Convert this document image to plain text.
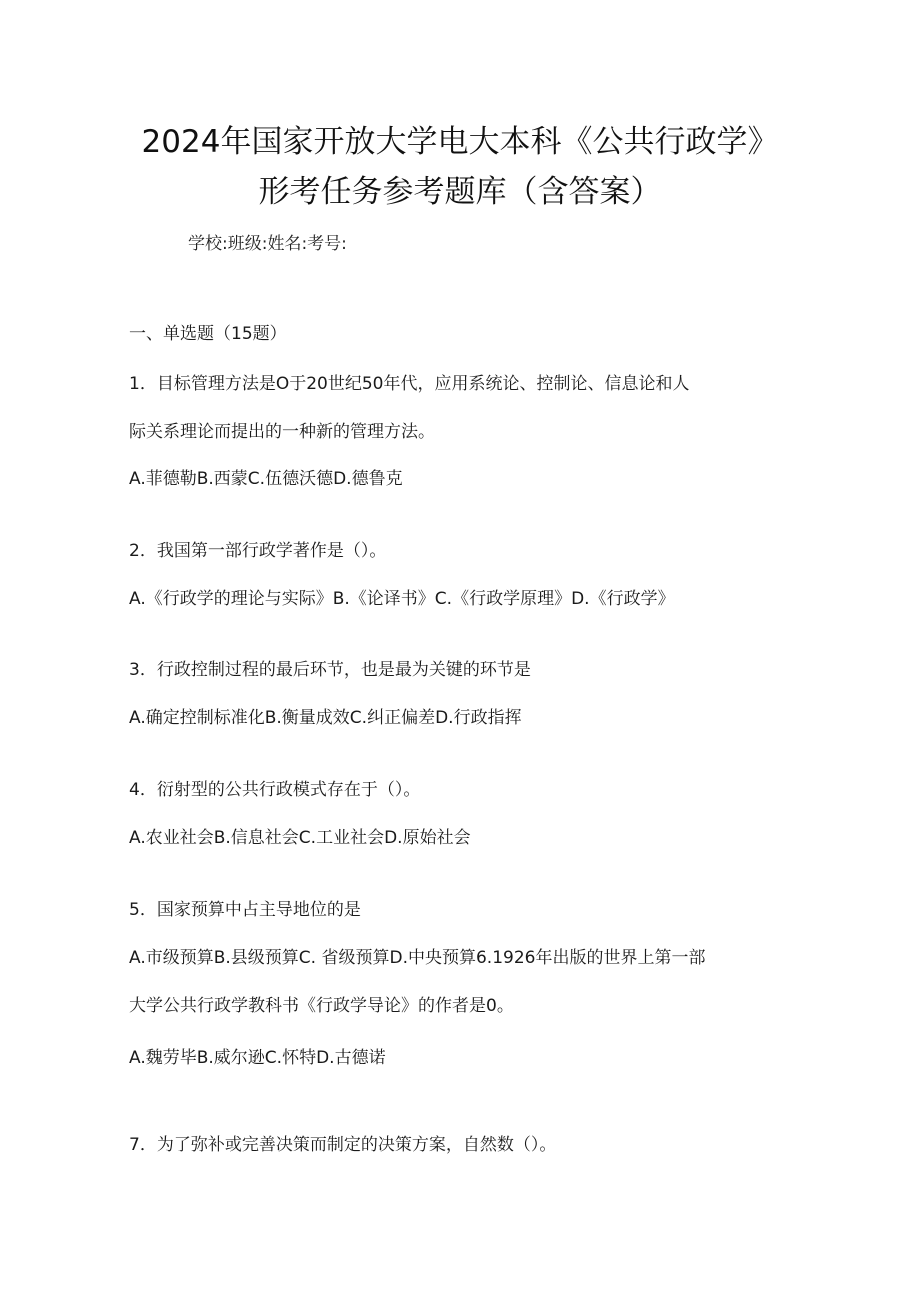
2024年国家开放大学电大本科《公共行政学》
形考任务参考题库（含答案）
学校:班级:姓名:考号:
一、单选题（15题）
1．目标管理方法是O于20世纪50年代，应用系统论、控制论、信息论和人
际关系理论而提出的一种新的管理方法。
A.菲德勒B.西蒙C.伍德沃德D.德鲁克
2．我国第一部行政学著作是（）。
A.《行政学的理论与实际》B.《论译书》C.《行政学原理》D.《行政学》
3．行政控制过程的最后环节，也是最为关键的环节是
A.确定控制标准化B.衡量成效C.纠正偏差D.行政指挥
4．衍射型的公共行政模式存在于（）。
A.农业社会B.信息社会C.工业社会D.原始社会
5．国家预算中占主导地位的是
A.市级预算B.县级预算C. 省级预算D.中央预算6.1926年出版的世界上第一部
大学公共行政学教科书《行政学导论》的作者是0。
A.魏劳毕B.威尔逊C.怀特D.古德诺
7．为了弥补或完善决策而制定的决策方案，自然数（）。
